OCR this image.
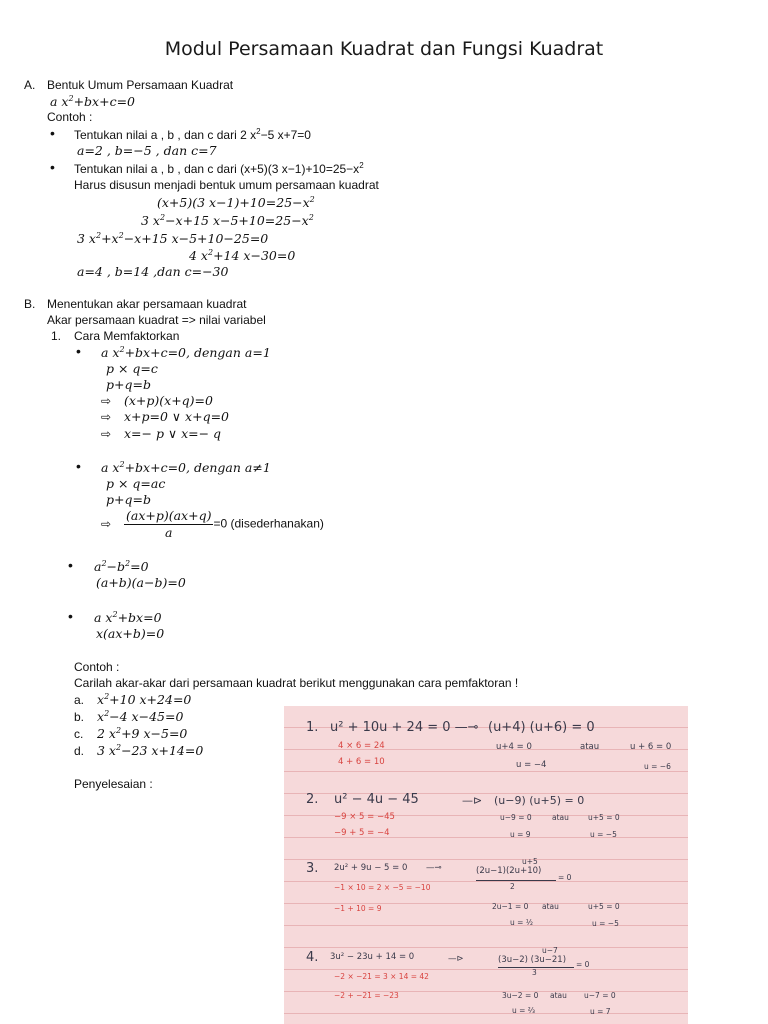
Modul Persamaan Kuadrat dan Fungsi Kuadrat
A. Bentuk Umum Persamaan Kuadrat
a $x^2+bx+c=0$
Contoh :
• Tentukan nilai a , b , dan c dari 2 $x^2-5$ x+7=0
a=2 , b=−5 , dan c=7
• Tentukan nilai a , b , dan c dari (x+5)(3 $x-1)+10=25-x^2$
Harus disusun menjadi bentuk umum persamaan kuadrat
(x+5)(3 $x-1)+10=25-x^2$
3 $x^2-x+15$ $x-5+10=25-x^2$
3 $x^2+x^2-x+15$ x−5+10−25=0
4 $x^2+14$ x−30=0
a=4 , b=14 ,dan c=−30
B. Menentukan akar persamaan kuadrat
Akar persamaan kuadrat => nilai variabel
1. Cara Memfaktorkan
• a $x^2+bx+c=0$, dengan a=1
p × q=c
p+q=b
⇨ (x+p)(x+q)=0
⇨ x+p=0 ∨ x+q=0
⇨ x=− p ∨ x=− q
• a $x^2+bx+c=0$, dengan a≠1
p × q=ac
p+q=b
⇨ $\frac{(ax+p)(ax+q)}{a} =0$ (disederhanakan)
• $a^2-b^2=0$
(a+b)(a−b)=0
• a $x^2+bx=0$
x(ax+b)=0
Contoh :
Carilah akar-akar dari persamaan kuadrat berikut menggunakan cara pemfaktoran !
a. $x^2+10$ x+24=0
b. $x^2-4$ x−45=0
c. 2 $x^2+9$ x−5=0
d. 3 $x^2-23$ x+14=0
Penyelesaian :
1. u² + 10u + 24 = 0 —⊸ (u+4) (u+6) = 0
4 × 6 = 24
4 + 6 = 10
u+4 = 0	atau	u + 6 = 0
u = −4	u = −6
2. u² − 4u − 45	—⊳ (u−9) (u+5) = 0
−9 × 5 = −45
−9 + 5 = −4
u−9 = 0	atau	u+5 = 0
u = 9	u = −5
3. 2u² + 9u − 5 = 0 —⊸
u+5
(2u−1)(2u+10)
2
= 0
−1 × 10 = 2 × −5 = −10
−1 + 10 = 9	2u−1 = 0 atau	u+5 = 0
u = ½	u = −5
4. 3u² − 23u + 14 = 0	—⊳
u−7
(3u−2) (3u−21)
3
= 0
−2 × −21 = 3 × 14 = 42
−2 + −21 = −23	3u−2 = 0 atau u−7 = 0
u = ⅔	u = 7
